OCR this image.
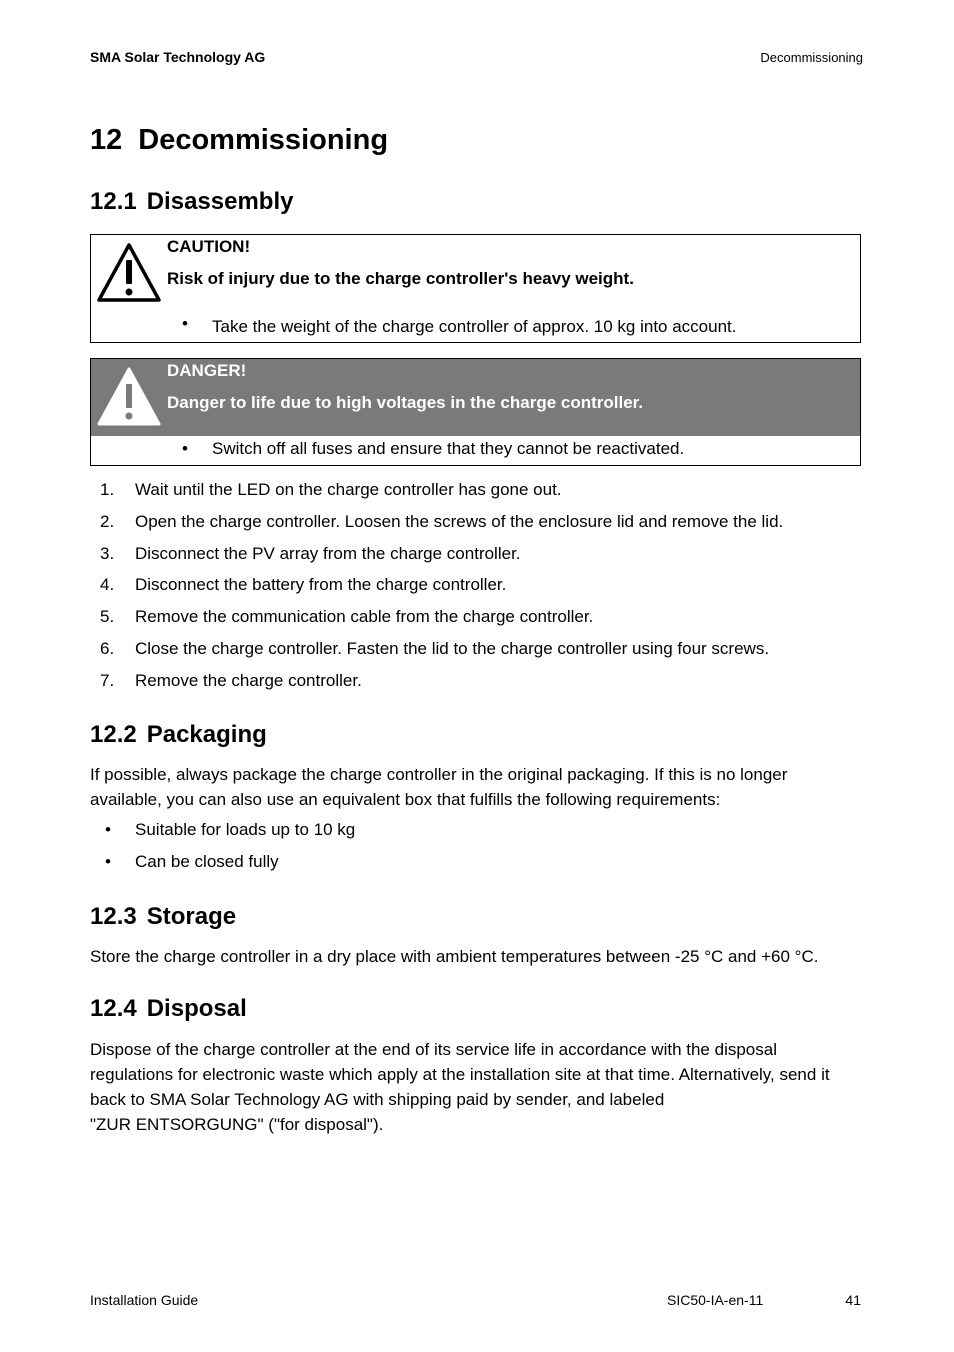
SMA Solar Technology AG	Decommissioning
12 Decommissioning
12.1 Disassembly
CAUTION!
Risk of injury due to the charge controller's heavy weight.
• Take the weight of the charge controller of approx. 10 kg into account.
DANGER!
Danger to life due to high voltages in the charge controller.
• Switch off all fuses and ensure that they cannot be reactivated.
1.	Wait until the LED on the charge controller has gone out.
2.	Open the charge controller. Loosen the screws of the enclosure lid and remove the lid.
3.	Disconnect the PV array from the charge controller.
4.	Disconnect the battery from the charge controller.
5.	Remove the communication cable from the charge controller.
6.	Close the charge controller. Fasten the lid to the charge controller using four screws.
7.	Remove the charge controller.
12.2 Packaging
If possible, always package the charge controller in the original packaging. If this is no longer
available, you can also use an equivalent box that fulfills the following requirements:
• Suitable for loads up to 10 kg
• Can be closed fully
12.3 Storage
Store the charge controller in a dry place with ambient temperatures between -25 °C and +60 °C.
12.4 Disposal
Dispose of the charge controller at the end of its service life in accordance with the disposal
regulations for electronic waste which apply at the installation site at that time. Alternatively, send it
back to SMA Solar Technology AG with shipping paid by sender, and labeled
"ZUR ENTSORGUNG" ("for disposal").
Installation Guide	SIC50-IA-en-11	41
